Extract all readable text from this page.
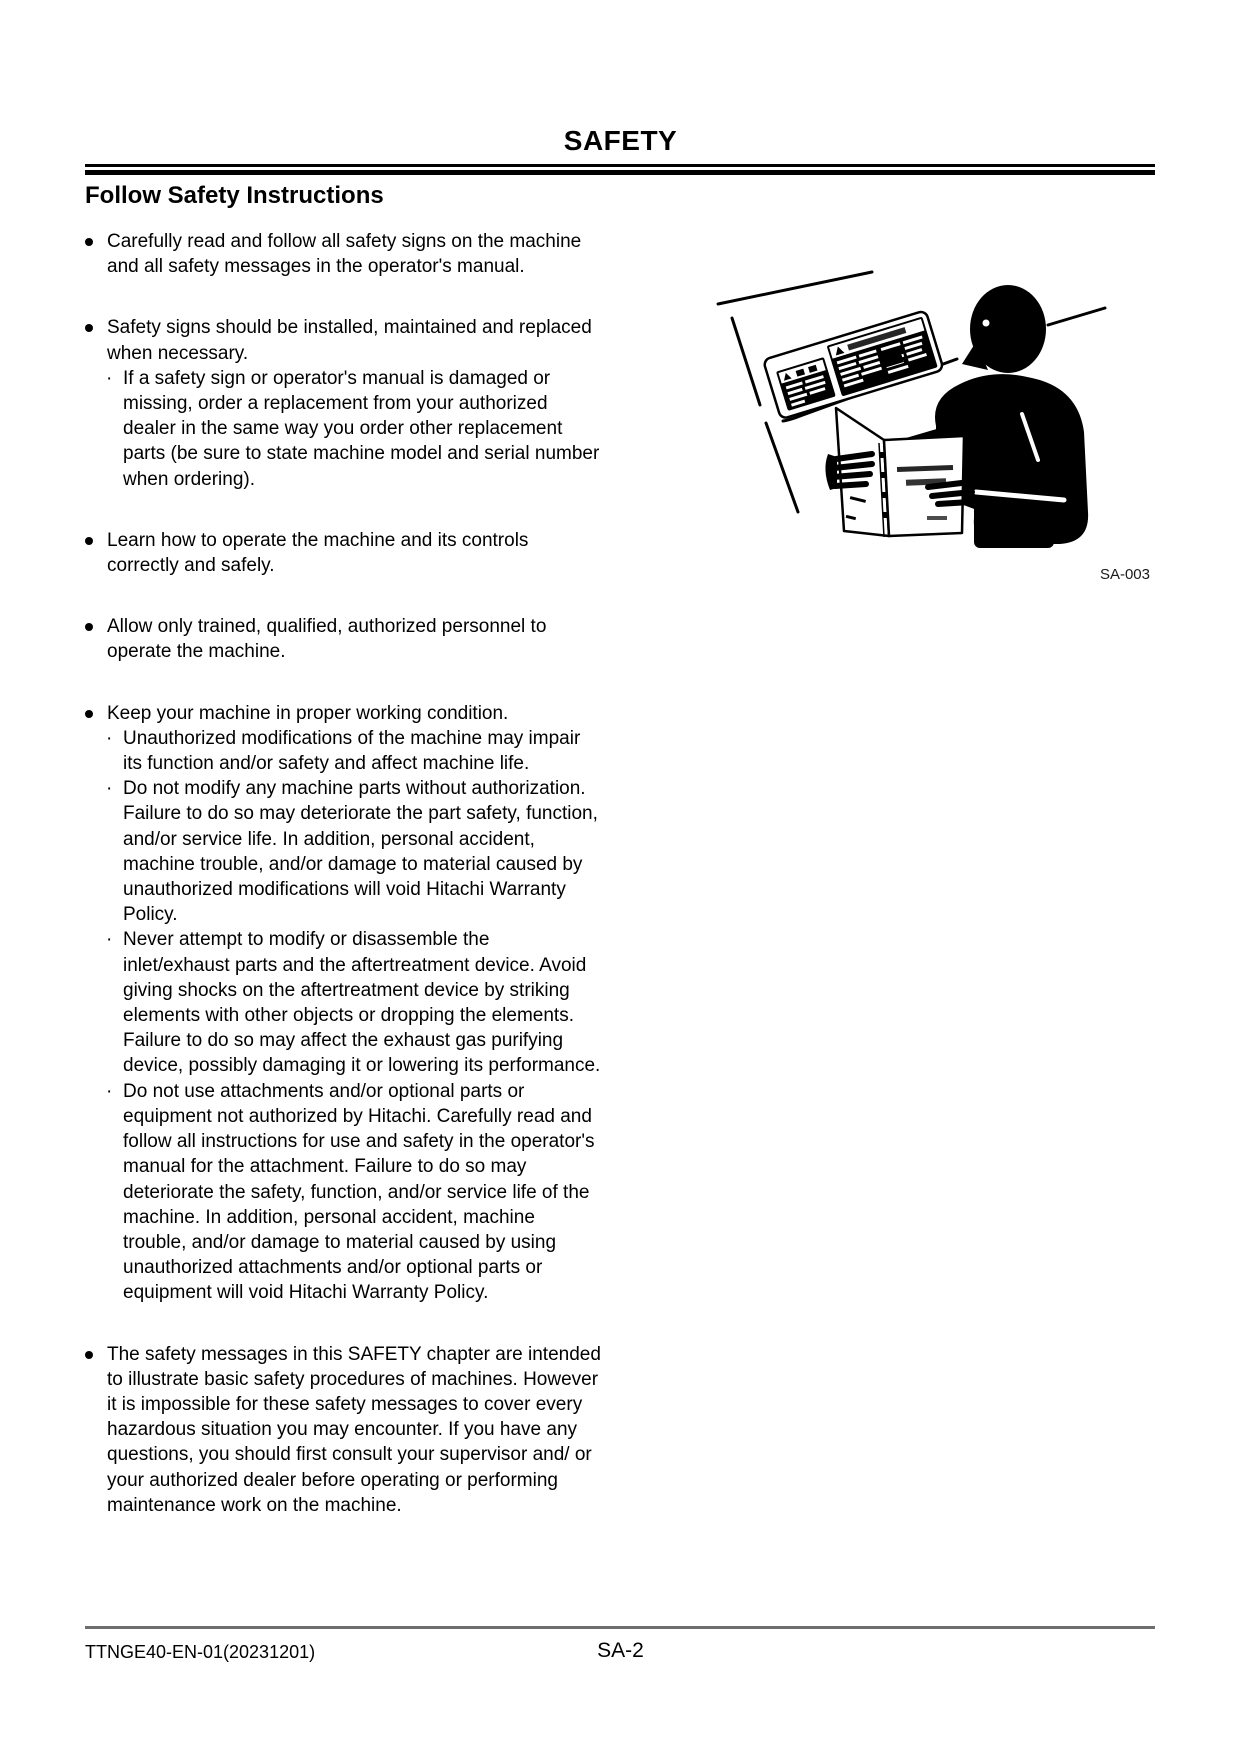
SAFETY
Follow Safety Instructions
Carefully read and follow all safety signs on the machine and all safety messages in the operator's manual.
Safety signs should be installed, maintained and replaced when necessary.
· If a safety sign or operator's manual is damaged or missing, order a replacement from your authorized dealer in the same way you order other replacement parts (be sure to state machine model and serial number when ordering).
Learn how to operate the machine and its controls correctly and safely.
Allow only trained, qualified, authorized personnel to operate the machine.
Keep your machine in proper working condition.
· Unauthorized modifications of the machine may impair its function and/or safety and affect machine life.
· Do not modify any machine parts without authorization. Failure to do so may deteriorate the part safety, function, and/or service life. In addition, personal accident, machine trouble, and/or damage to material caused by unauthorized modifications will void Hitachi Warranty Policy.
· Never attempt to modify or disassemble the inlet/exhaust parts and the aftertreatment device. Avoid giving shocks on the aftertreatment device by striking elements with other objects or dropping the elements. Failure to do so may affect the exhaust gas purifying device, possibly damaging it or lowering its performance.
· Do not use attachments and/or optional parts or equipment not authorized by Hitachi. Carefully read and follow all instructions for use and safety in the operator's manual for the attachment. Failure to do so may deteriorate the safety, function, and/or service life of the machine. In addition, personal accident, machine trouble, and/or damage to material caused by using unauthorized attachments and/or optional parts or equipment will void Hitachi Warranty Policy.
The safety messages in this SAFETY chapter are intended to illustrate basic safety procedures of machines. However it is impossible for these safety messages to cover every hazardous situation you may encounter. If you have any questions, you should first consult your supervisor and/ or your authorized dealer before operating or performing maintenance work on the machine.
SA-003
TTNGE40-EN-01(20231201)	SA-2
